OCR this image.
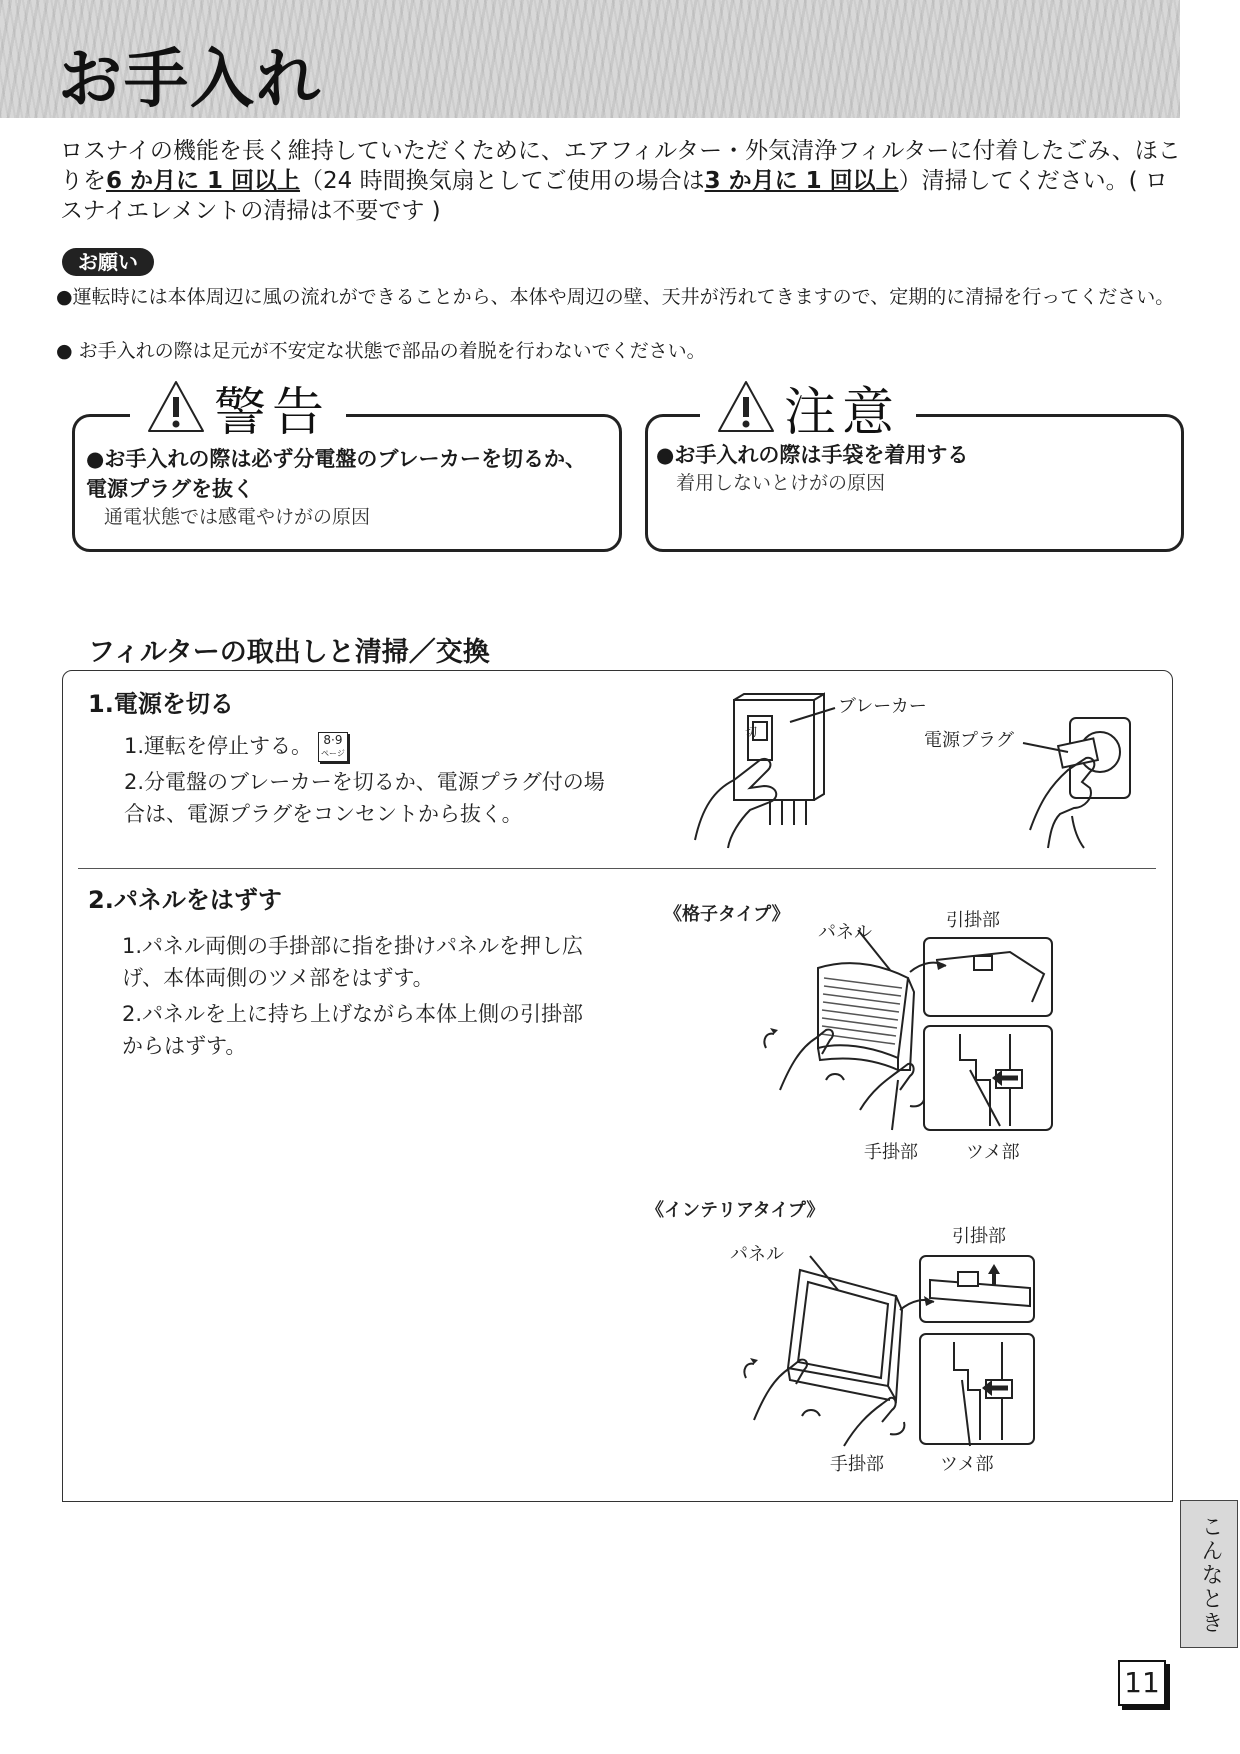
お手入れ
ロスナイの機能を長く維持していただくために、エアフィルター・外気清浄フィルターに付着したごみ、ほこりを6 か月に 1 回以上（24 時間換気扇としてご使用の場合は3 か月に 1 回以上）清掃してください。( ロスナイエレメントの清掃は不要です )
お願い
●運転時には本体周辺に風の流れができることから、本体や周辺の壁、天井が汚れてきますので、定期的に清掃を行ってください。
● お手入れの際は足元が不安定な状態で部品の着脱を行わないでください。
警告
●お手入れの際は必ず分電盤のブレーカーを切るか、電源プラグを抜く
通電状態では感電やけがの原因
注意
●お手入れの際は手袋を着用する
着用しないとけがの原因
フィルターの取出しと清掃／交換
1.電源を切る
1.運転を停止する。 8·9
ページ
2.分電盤のブレーカーを切るか、電源プラグ付の場合は、電源プラグをコンセントから抜く。
切
ブレーカー
電源プラグ
2.パネルをはずす
1.パネル両側の手掛部に指を掛けパネルを押し広げ、本体両側のツメ部をはずす。
2.パネルを上に持ち上げながら本体上側の引掛部からはずす。
《格子タイプ》
パネル
引掛部
手掛部	ツメ部
《インテリアタイプ》
パネル
引掛部
手掛部	ツメ部
こんなとき
11
